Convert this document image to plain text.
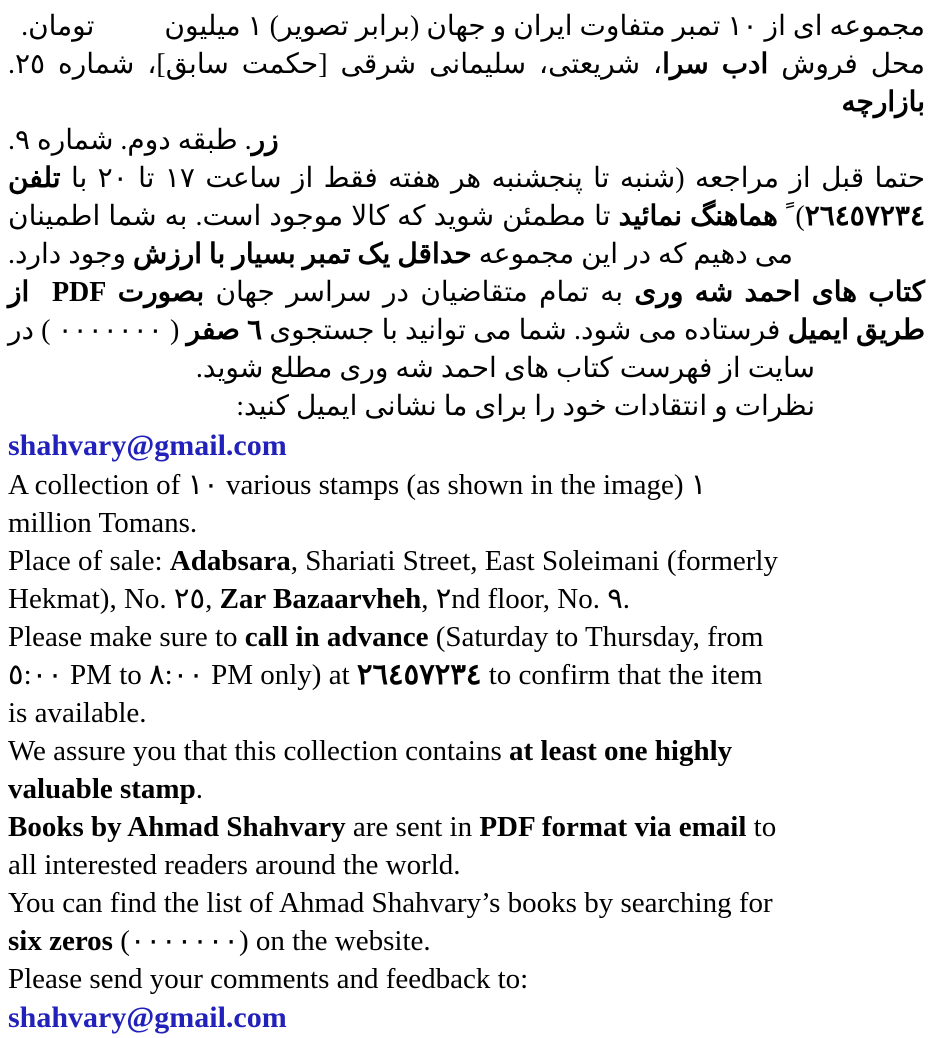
مجموعه ای از ١٠ تمبر متفاوت ایران و جهان (برابر تصویر) ١ میلیون          تومان.
محل فروش ادب سرا، شریعتی، سلیمانی شرقی [حکمت سابق]، شماره ٢٥. بازارچه
زر. طبقه دوم. شماره ٩.
حتما قبل از مراجعه (شنبه تا پنجشنبه هر هفته فقط از ساعت ١٧ تا ٢٠ با تلفن
٢٦٤٥٧٢٣٤) ً هماهنگ نمائید تا مطمئن شوید که کالا موجود است. به شما اطمینان
می دهیم که در این مجموعه حداقل یک تمبر بسیار با ارزش وجود دارد.
کتاب های احمد شه وری به تمام متقاضیان در سراسر جهان بصورت PDF  از
طریق ایمیل فرستاده می شود. شما می توانید با جستجوی ٦ صفر ( ٠٠٠٠٠٠٠ ) در
سایت از فهرست کتاب های احمد شه وری مطلع شوید.
نظرات و انتقادات خود را برای ما نشانی ایمیل کنید:
shahvary@gmail.com
A collection of ١٠ various stamps (as shown in the image) ١
million Tomans.
Place of sale: Adabsara, Shariati Street, East Soleimani (formerly
Hekmat), No. ٢٥, Zar Bazaarvheh, ٢nd floor, No. ٩.
Please make sure to call in advance (Saturday to Thursday, from
٥:٠٠ PM to ٨:٠٠ PM only) at ٢٦٤٥٧٢٣٤ to confirm that the item
is available.
We assure you that this collection contains at least one highly
valuable stamp.
Books by Ahmad Shahvary are sent in PDF format via email to
all interested readers around the world.
You can find the list of Ahmad Shahvary’s books by searching for
six zeros (٠٠٠٠٠٠٠) on the website.
Please send your comments and feedback to:
shahvary@gmail.com
